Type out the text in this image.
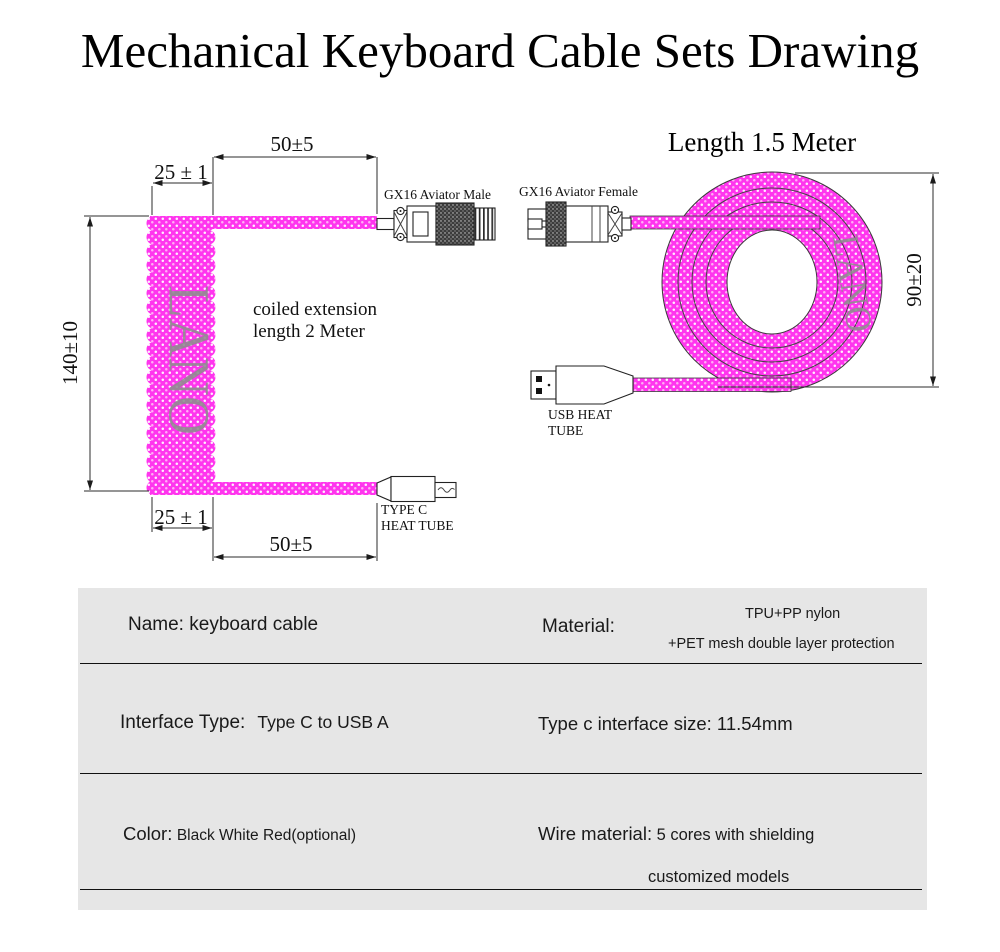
Mechanical Keyboard Cable Sets Drawing
LANO
GX16 Aviator Male
TYPE C
HEAT TUBE
coiled extension
length 2 Meter
50±5
25 ± 1
140±10
25 ± 1
50±5
Length 1.5 Meter
LANO
GX16 Aviator Female
USB HEAT
TUBE
90±20
Name: keyboard cable	Material:
TPU+PP nylon
+PET mesh double layer protection
Interface Type: Type C to USB A	Type c interface size: 11.54mm
Color: Black White Red(optional)	Wire material: 5 cores with shielding
customized models
